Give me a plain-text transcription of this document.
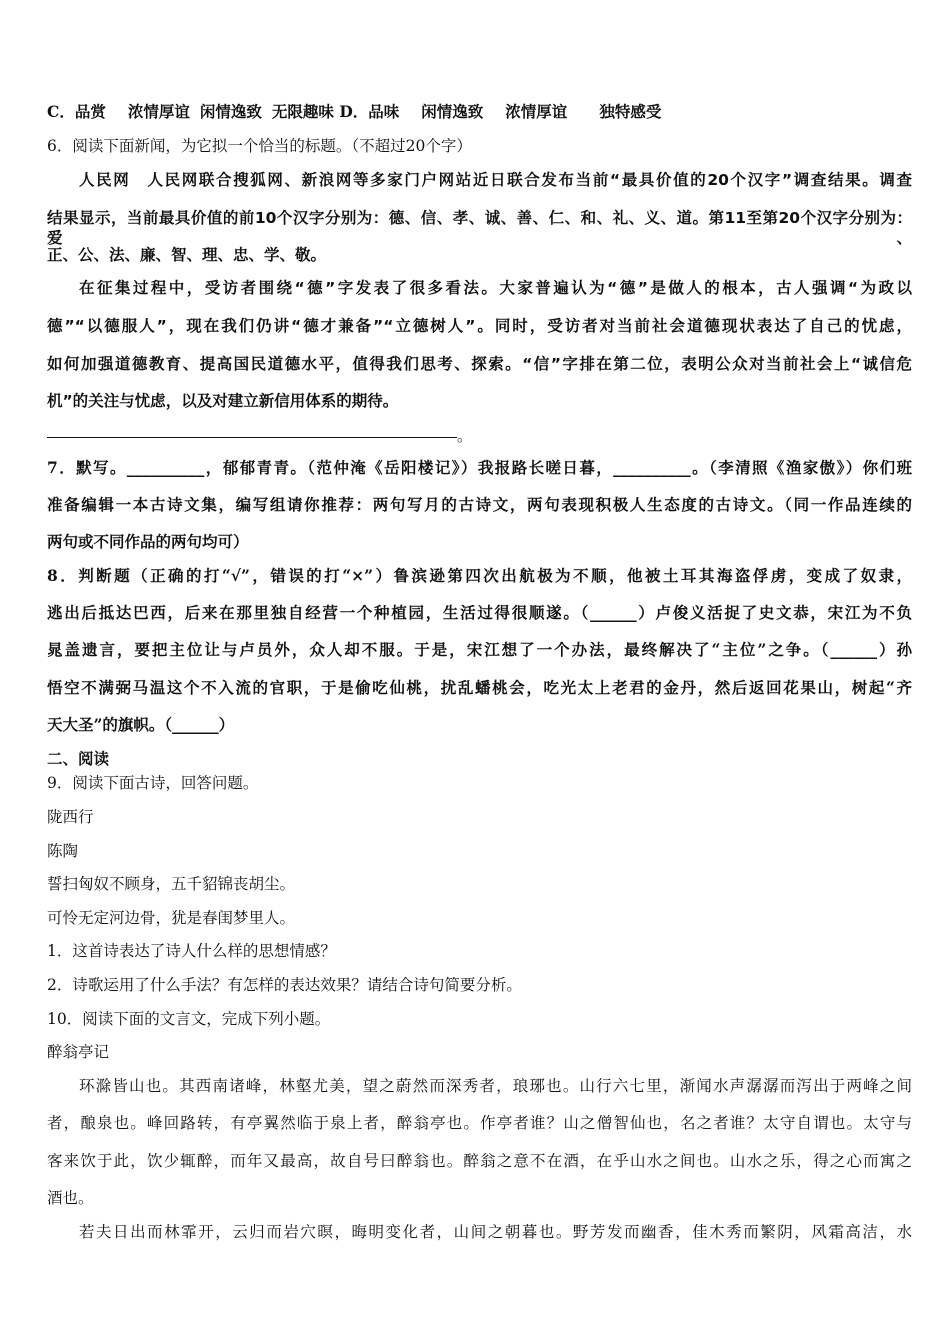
C．品赏 浓情厚谊 闲情逸致 无限趣味 D．品味 闲情逸致 浓情厚谊 独特感受
6．阅读下面新闻，为它拟一个恰当的标题。（不超过20个字）
人民网　人民网联合搜狐网、新浪网等多家门户网站近日联合发布当前“最具价值的20个汉字”调查结果。调查
结果显示，当前最具价值的前10个汉字分别为：德、信、孝、诚、善、仁、和、礼、义、道。第11至第20个汉字分别为：爱、
正、公、法、廉、智、理、忠、学、敬。
在征集过程中，受访者围绕“德”字发表了很多看法。大家普遍认为“德”是做人的根本，古人强调“为政以
德”“以德服人”，现在我们仍讲“德才兼备”“立德树人”。同时，受访者对当前社会道德现状表达了自己的忧虑，
如何加强道德教育、提高国民道德水平，值得我们思考、探索。“信”字排在第二位，表明公众对当前社会上“诚信危
机”的关注与忧虑，以及对建立新信用体系的期待。
。
7．默写。__________，郁郁青青。（范仲淹《岳阳楼记》）我报路长嗟日暮，__________。（李清照《渔家傲》）你们班
准备编辑一本古诗文集，编写组请你推荐：两句写月的古诗文，两句表现积极人生态度的古诗文。（同一作品连续的
两句或不同作品的两句均可）
8．判断题（正确的打“√”，错误的打“×”）鲁滨逊第四次出航极为不顺，他被土耳其海盗俘虏，变成了奴隶，
逃出后抵达巴西，后来在那里独自经营一个种植园，生活过得很顺遂。（______）卢俊义活捉了史文恭，宋江为不负
晁盖遗言，要把主位让与卢员外，众人却不服。于是，宋江想了一个办法，最终解决了“主位”之争。（______）孙
悟空不满弼马温这个不入流的官职，于是偷吃仙桃，扰乱蟠桃会，吃光太上老君的金丹，然后返回花果山，树起“齐
天大圣”的旗帜。（______）
二、阅读
9．阅读下面古诗，回答问题。
陇西行
陈陶
誓扫匈奴不顾身，五千貂锦丧胡尘。
可怜无定河边骨，犹是春闺梦里人。
1．这首诗表达了诗人什么样的思想情感？
2．诗歌运用了什么手法？有怎样的表达效果？请结合诗句简要分析。
10．阅读下面的文言文，完成下列小题。
醉翁亭记
环滁皆山也。其西南诸峰，林壑尤美，望之蔚然而深秀者，琅琊也。山行六七里，渐闻水声潺潺而泻出于两峰之间
者，酿泉也。峰回路转，有亭翼然临于泉上者，醉翁亭也。作亭者谁？山之僧智仙也，名之者谁？太守自谓也。太守与
客来饮于此，饮少辄醉，而年又最高，故自号曰醉翁也。醉翁之意不在酒，在乎山水之间也。山水之乐，得之心而寓之
酒也。
若夫日出而林霏开，云归而岩穴暝，晦明变化者，山间之朝暮也。野芳发而幽香，佳木秀而繁阴，风霜高洁，水
